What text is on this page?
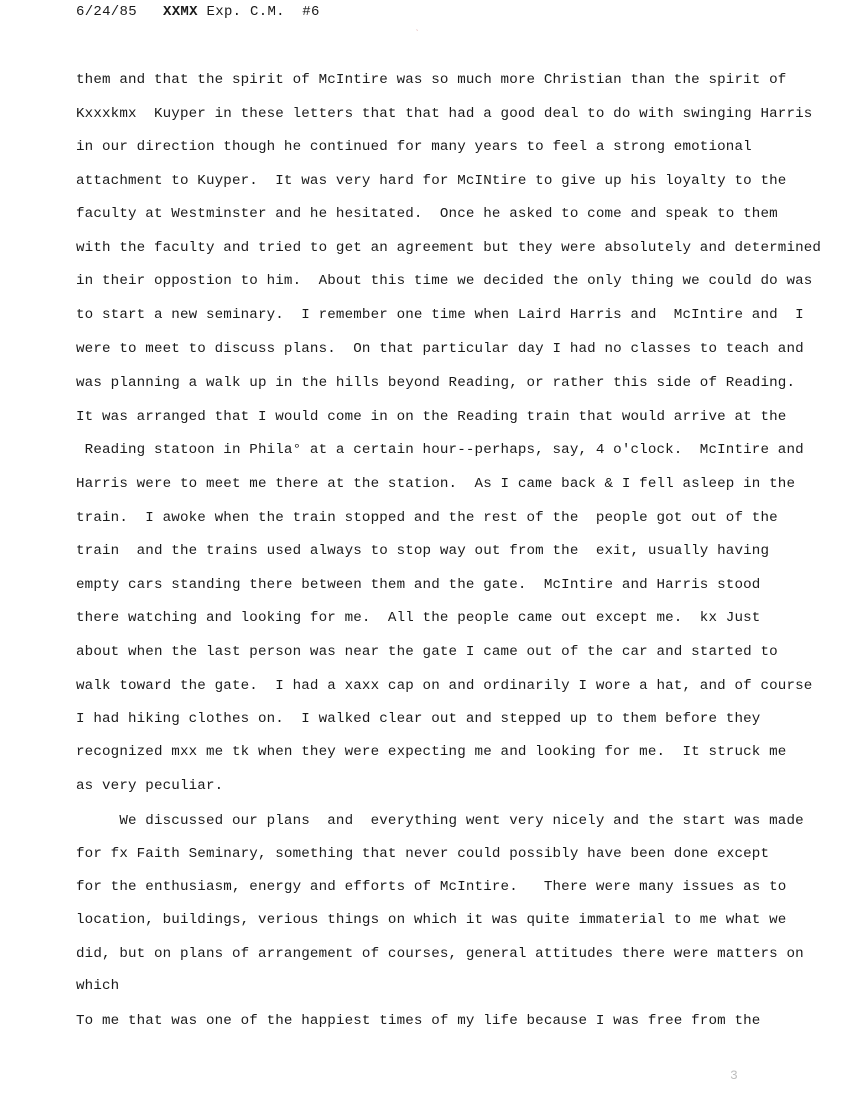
ˎ
6/24/85 XXMX Exp. C.M. #6
them and that the spirit of McIntire was so much more Christian than the spirit of
Kxxxkmx  Kuyper in these letters that that had a good deal to do with swinging Harris
in our direction though he continued for many years to feel a strong emotional
attachment to Kuyper.  It was very hard for McINtire to give up his loyalty to the
faculty at Westminster and he hesitated.  Once he asked to come and speak to them
with the faculty and tried to get an agreement but they were absolutely and determined
in their oppostion to him.  About this time we decided the only thing we could do was
to start a new seminary.  I remember one time when Laird Harris and  McIntire and  I
were to meet to discuss plans.  On that particular day I had no classes to teach and
was planning a walk up in the hills beyond Reading, or rather this side of Reading.
It was arranged that I would come in on the Reading train that would arrive at the
Reading statoon in Phila° at a certain hour--perhaps, say, 4 o'clock.  McIntire and
Harris were to meet me there at the station.  As I came back & I fell asleep in the
train.  I awoke when the train stopped and the rest of the  people got out of the
train  and the trains used always to stop way out from the  exit, usually having
empty cars standing there between them and the gate.  McIntire and Harris stood
there watching and looking for me.  All the people came out except me.  kx Just
about when the last person was near the gate I came out of the car and started to
walk toward the gate.  I had a xaxx cap on and ordinarily I wore a hat, and of course
I had hiking clothes on.  I walked clear out and stepped up to them before they
recognized mxx me tk when they were expecting me and looking for me.  It struck me
as very peculiar.
We discussed our plans  and  everything went very nicely and the start was made
for fx Faith Seminary, something that never could possibly have been done except
for the enthusiasm, energy and efforts of McIntire.   There were many issues as to
location, buildings, verious things on which it was quite immaterial to me what we
did, but on plans of arrangement of courses, general attitudes there were matters on
which
To me that was one of the happiest times of my life because I was free from the
3
